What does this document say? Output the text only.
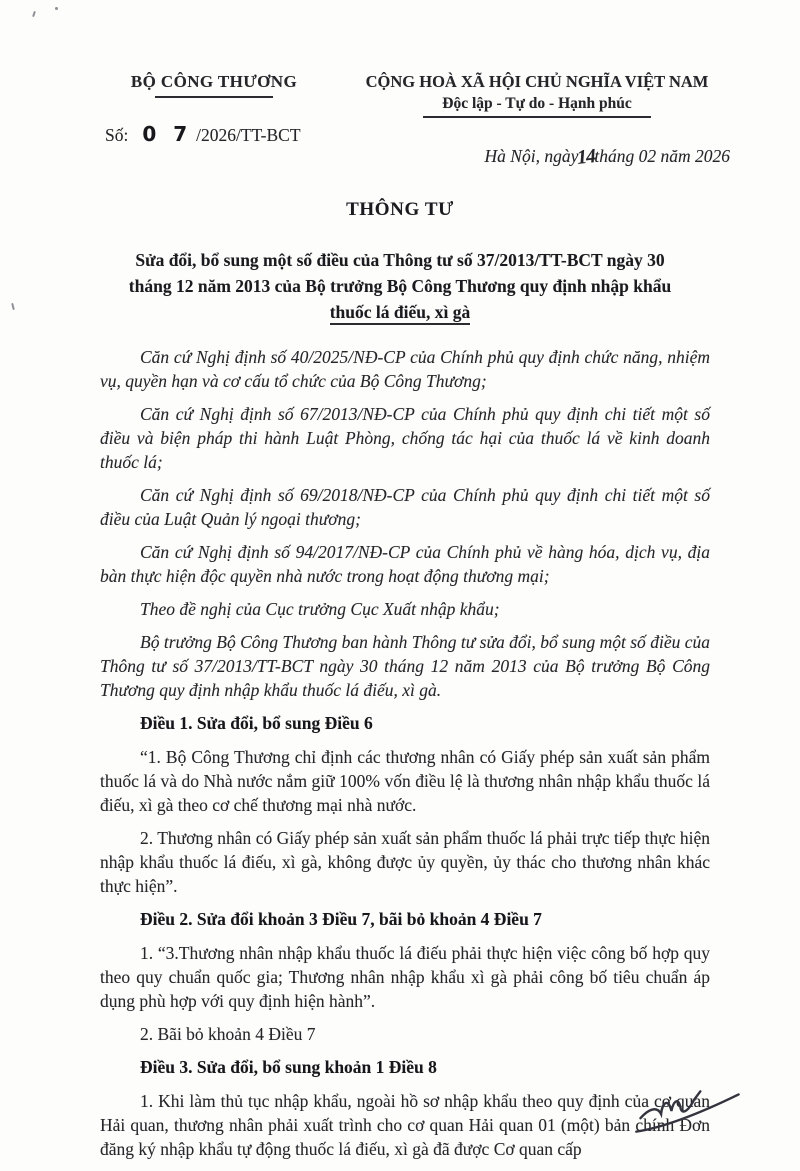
BỘ CÔNG THƯƠNG
Số: 0 7 /2026/TT-BCT
CỘNG HOÀ XÃ HỘI CHỦ NGHĨA VIỆT NAM
Độc lập - Tự do - Hạnh phúc
Hà Nội, ngày14tháng 02 năm 2026
THÔNG TƯ
Sửa đổi, bổ sung một số điều của Thông tư số 37/2013/TT-BCT ngày 30
tháng 12 năm 2013 của Bộ trưởng Bộ Công Thương quy định nhập khẩu
thuốc lá điếu, xì gà

Căn cứ Nghị định số 40/2025/NĐ-CP của Chính phủ quy định chức năng, nhiệm vụ, quyền hạn và cơ cấu tổ chức của Bộ Công Thương;

Căn cứ Nghị định số 67/2013/NĐ-CP của Chính phủ quy định chi tiết một số điều và biện pháp thi hành Luật Phòng, chống tác hại của thuốc lá về kinh doanh thuốc lá;

Căn cứ Nghị định số 69/2018/NĐ-CP của Chính phủ quy định chi tiết một số điều của Luật Quản lý ngoại thương;

Căn cứ Nghị định số 94/2017/NĐ-CP của Chính phủ về hàng hóa, dịch vụ, địa bàn thực hiện độc quyền nhà nước trong hoạt động thương mại;

Theo đề nghị của Cục trưởng Cục Xuất nhập khẩu;

Bộ trưởng Bộ Công Thương ban hành Thông tư sửa đổi, bổ sung một số điều của Thông tư số 37/2013/TT-BCT ngày 30 tháng 12 năm 2013 của Bộ trưởng Bộ Công Thương quy định nhập khẩu thuốc lá điếu, xì gà.

Điều 1. Sửa đổi, bổ sung Điều 6

“1. Bộ Công Thương chỉ định các thương nhân có Giấy phép sản xuất sản phẩm thuốc lá và do Nhà nước nắm giữ 100% vốn điều lệ là thương nhân nhập khẩu thuốc lá điếu, xì gà theo cơ chế thương mại nhà nước.

2. Thương nhân có Giấy phép sản xuất sản phẩm thuốc lá phải trực tiếp thực hiện nhập khẩu thuốc lá điếu, xì gà, không được ủy quyền, ủy thác cho thương nhân khác thực hiện”.

Điều 2. Sửa đổi khoản 3 Điều 7, bãi bỏ khoản 4 Điều 7

1. “3.Thương nhân nhập khẩu thuốc lá điếu phải thực hiện việc công bố hợp quy theo quy chuẩn quốc gia; Thương nhân nhập khẩu xì gà phải công bố tiêu chuẩn áp dụng phù hợp với quy định hiện hành”.

2. Bãi bỏ khoản 4 Điều 7

Điều 3. Sửa đổi, bổ sung khoản 1 Điều 8

1. Khi làm thủ tục nhập khẩu, ngoài hồ sơ nhập khẩu theo quy định của cơ quan Hải quan, thương nhân phải xuất trình cho cơ quan Hải quan 01 (một) bản chính Đơn đăng ký nhập khẩu tự động thuốc lá điếu, xì gà đã được Cơ quan cấp
